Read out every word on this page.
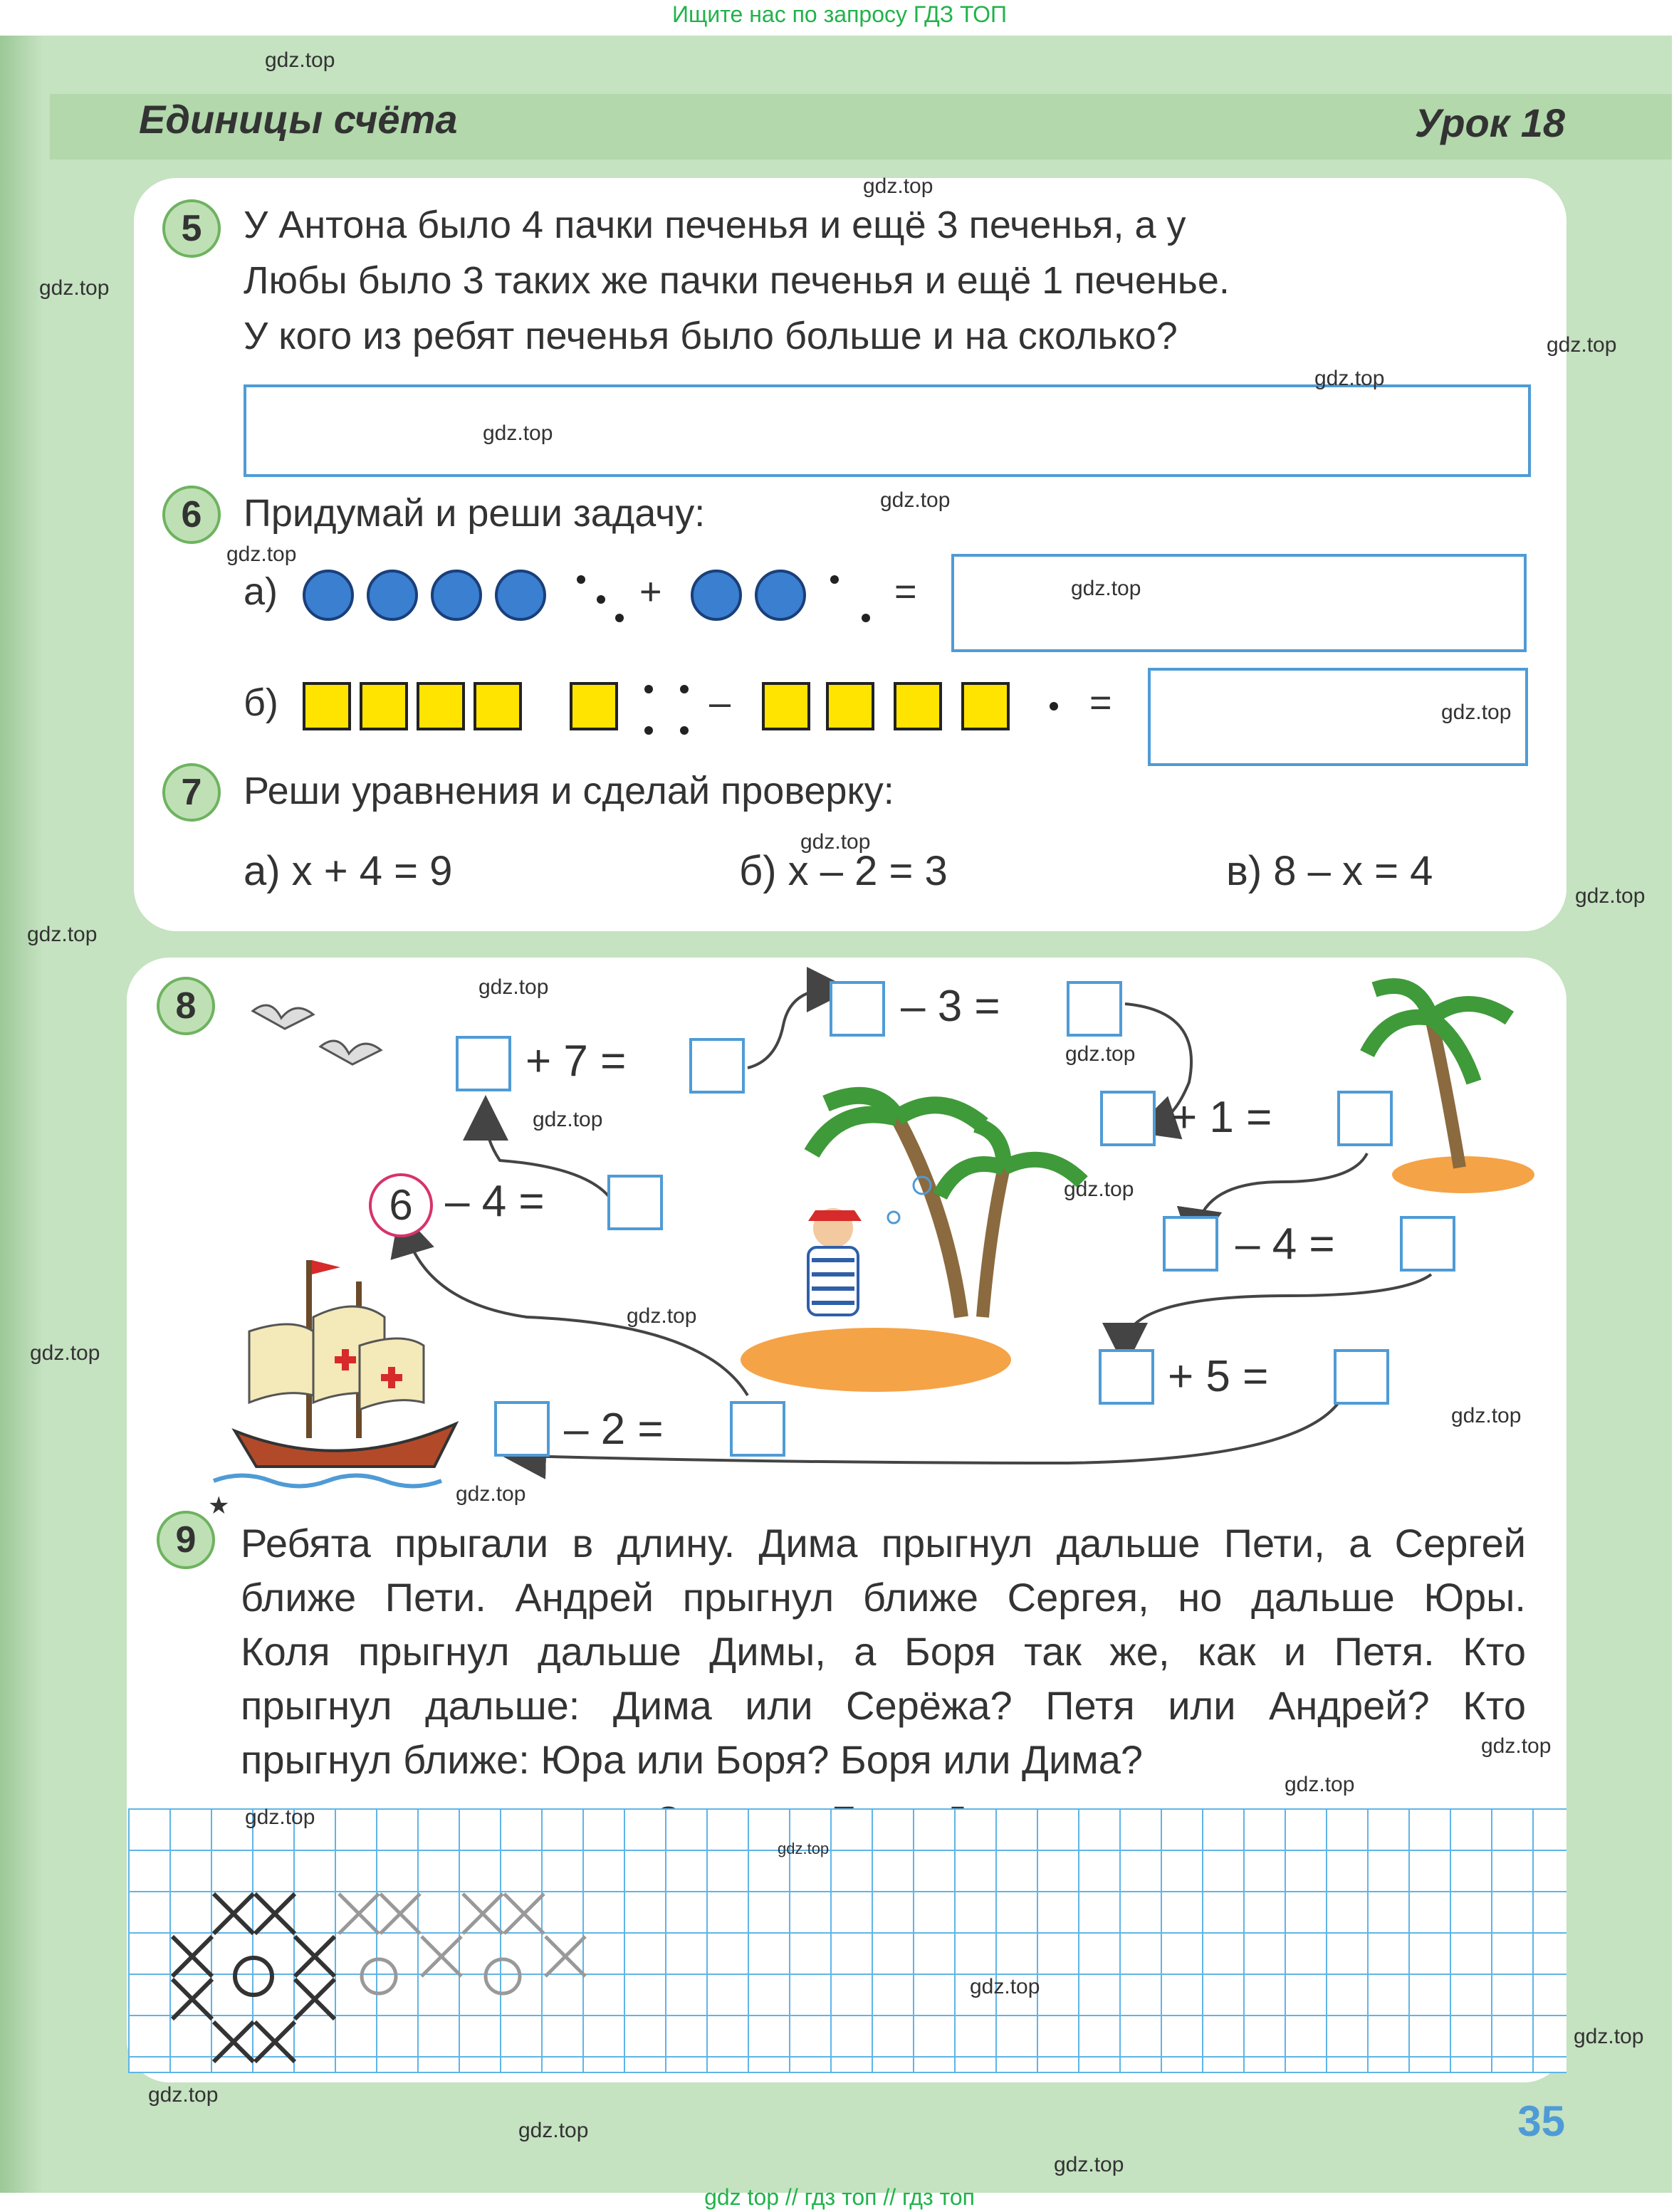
Ищите нас по запросу ГДЗ ТОП
Единицы счёта	Урок 18
5	У Антона было 4 пачки печенья и ещё 3 печенья, а у
Любы было 3 таких же пачки печенья и ещё 1 печенье.
У кого из ребят печенья было больше и на сколько?
6	Придумай и реши задачу:
а)	+	=
б)	–	=
7	Реши уравнения и сделай проверку:
а) x + 4 = 9	б) x – 2 = 3	в) 8 – x = 4
8
+ 7 =
– 3 =
+ 1 =
6 – 4 =
– 4 =
+ 5 =
– 2 =
9
★
Ребята прыгали в длину. Дима прыгнул дальше Пети, а Сергей
ближе Пети. Андрей прыгнул ближе Сергея, но дальше Юры.
Коля прыгнул дальше Димы, а Боря так же, как и Петя. Кто
прыгнул дальше: Дима или Серёжа? Петя или Андрей? Кто
прыгнул ближе: Юра или Боря? Боря или Дима?
35
gdz.top
gdz.top
gdz.top
gdz.top
gdz.top
gdz.top
gdz.top
gdz.top
gdz.top
gdz.top
gdz.top
gdz.top
gdz.top
gdz.top
gdz.top
gdz.top
gdz.top
gdz.top
gdz.top
gdz.top
gdz.top
gdz.top
gdz.top
gdz.top
gdz.top
gdz.top
gdz.top
gdz.top
gdz.top
gdz.top
gdz top // гдз топ // гдз топ
